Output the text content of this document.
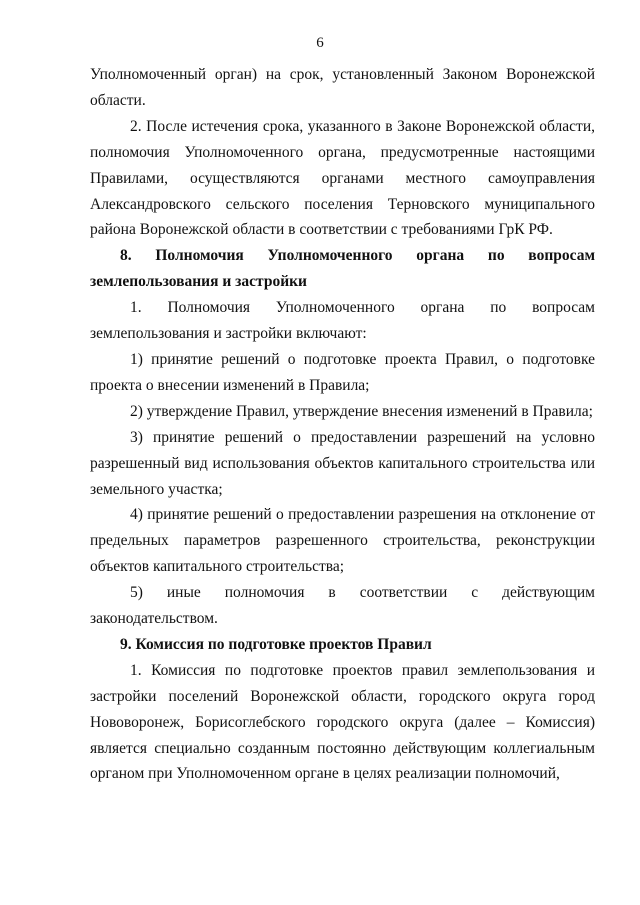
6

Уполномоченный орган) на срок, установленный Законом Воронежской области.

2. После истечения срока, указанного в Законе Воронежской области, полномочия Уполномоченного органа, предусмотренные настоящими Правилами, осуществляются органами местного самоуправления Александровского сельского поселения Терновского муниципального района Воронежской области в соответствии с требованиями ГрК РФ.

8. Полномочия Уполномоченного органа по вопросам землепользования и застройки

1. Полномочия Уполномоченного органа по вопросам землепользования и застройки включают:

1) принятие решений о подготовке проекта Правил, о подготовке проекта о внесении изменений в Правила;

2) утверждение Правил, утверждение внесения изменений в Правила;

3) принятие решений о предоставлении разрешений на условно разрешенный вид использования объектов капитального строительства или земельного участка;

4) принятие решений о предоставлении разрешения на отклонение от предельных параметров разрешенного строительства, реконструкции объектов капитального строительства;

5) иные полномочия в соответствии с действующим законодательством.

9. Комиссия по подготовке проектов Правил

1. Комиссия по подготовке проектов правил землепользования и застройки поселений Воронежской области, городского округа город Нововоронеж, Борисоглебского городского округа (далее – Комиссия) является специально созданным постоянно действующим коллегиальным органом при Уполномоченном органе в целях реализации полномочий,
